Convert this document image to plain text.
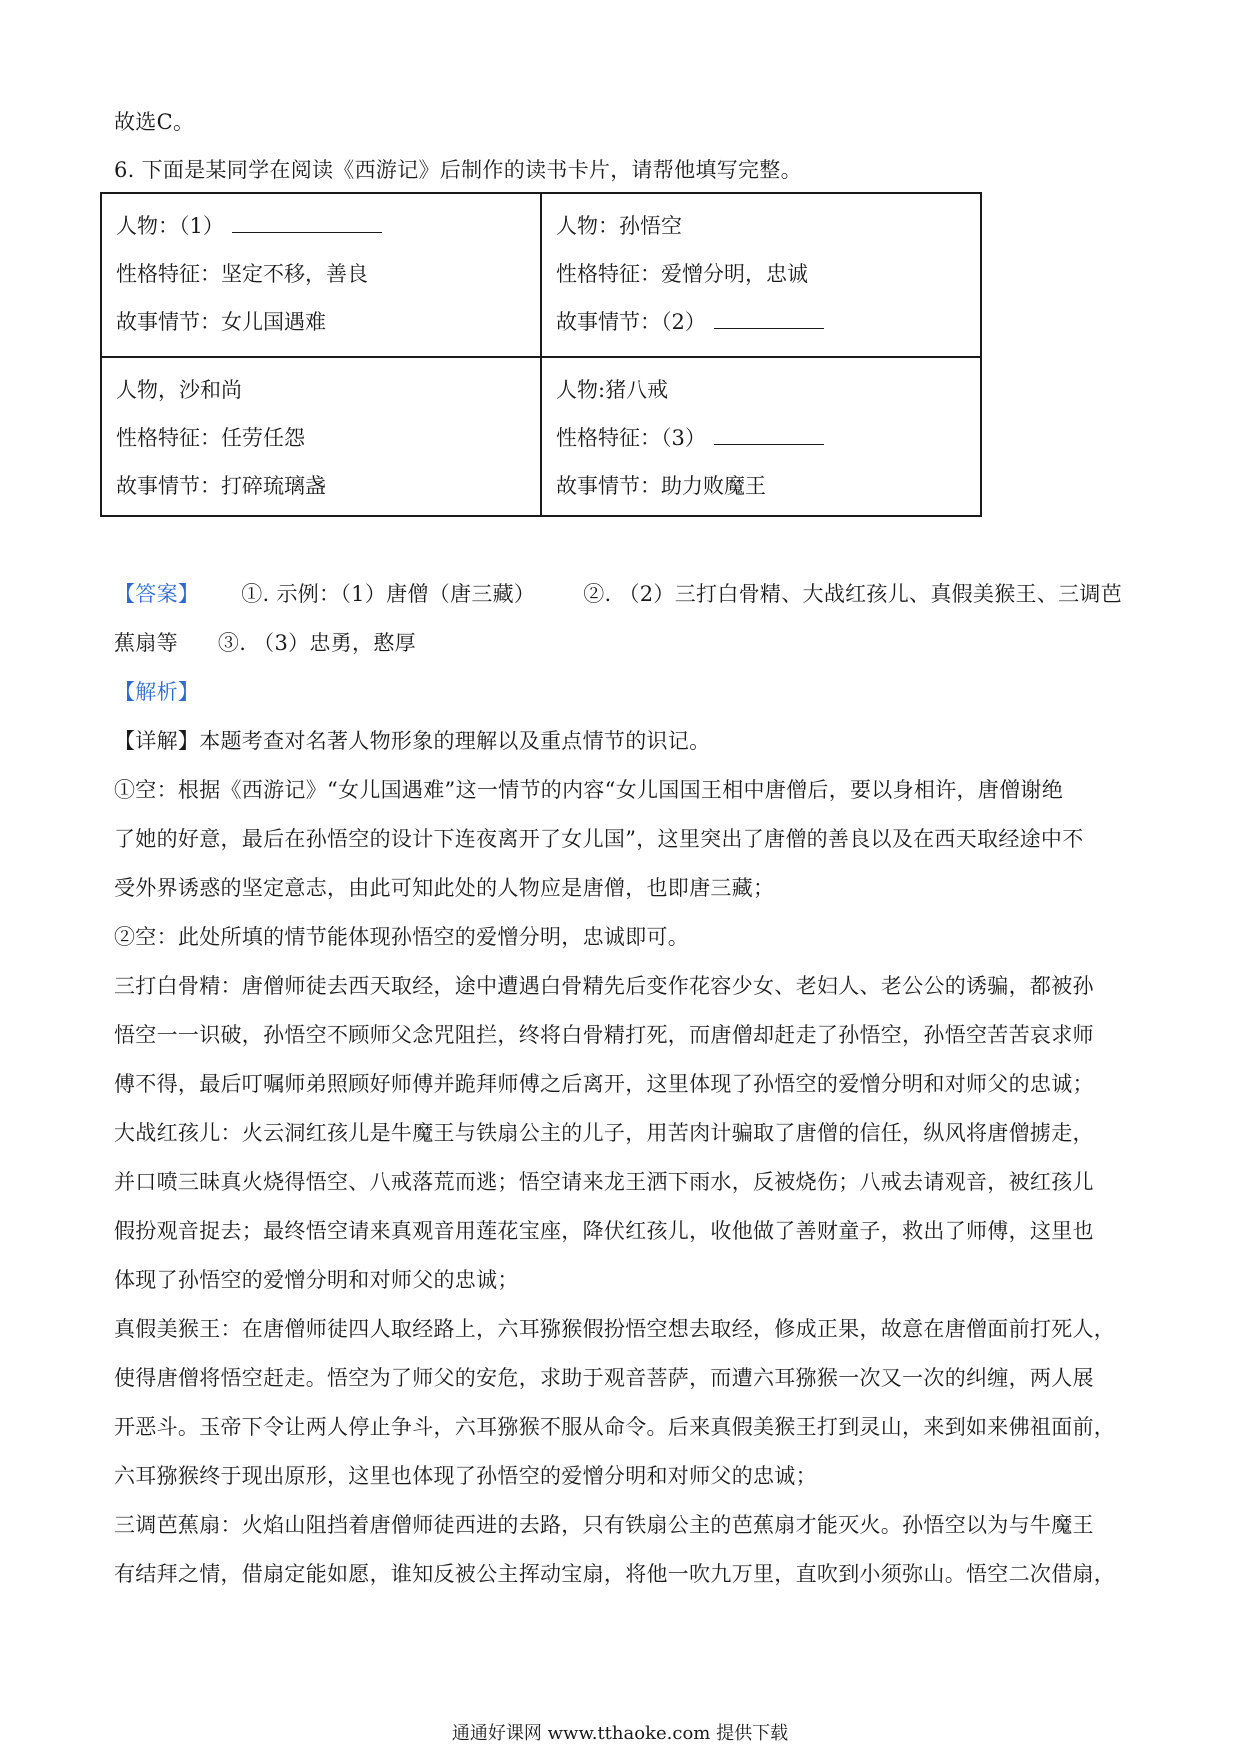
故选C。
6. 下面是某同学在阅读《西游记》后制作的读书卡片，请帮他填写完整。
人物：（1）
性格特征：坚定不移，善良
故事情节：女儿国遇难
人物：孙悟空
性格特征：爱憎分明，忠诚
故事情节：（2）
人物，沙和尚
性格特征：任劳任怨
故事情节：打碎琉璃盏
人物:猪八戒
性格特征：（3）
故事情节：助力败魔王
【答案】 ①. 示例：（1）唐僧（唐三藏） ②. （2）三打白骨精、大战红孩儿、真假美猴王、三调芭
蕉扇等 ③. （3）忠勇，憨厚
【解析】
【详解】本题考查对名著人物形象的理解以及重点情节的识记。
①空：根据《西游记》“女儿国遇难”这一情节的内容“女儿国国王相中唐僧后，要以身相许，唐僧谢绝
了她的好意，最后在孙悟空的设计下连夜离开了女儿国”，这里突出了唐僧的善良以及在西天取经途中不
受外界诱惑的坚定意志，由此可知此处的人物应是唐僧，也即唐三藏；
②空：此处所填的情节能体现孙悟空的爱憎分明，忠诚即可。
三打白骨精：唐僧师徒去西天取经，途中遭遇白骨精先后变作花容少女、老妇人、老公公的诱骗，都被孙
悟空一一识破，孙悟空不顾师父念咒阻拦，终将白骨精打死，而唐僧却赶走了孙悟空，孙悟空苦苦哀求师
傅不得，最后叮嘱师弟照顾好师傅并跪拜师傅之后离开，这里体现了孙悟空的爱憎分明和对师父的忠诚；
大战红孩儿：火云洞红孩儿是牛魔王与铁扇公主的儿子，用苦肉计骗取了唐僧的信任，纵风将唐僧掳走，
并口喷三昧真火烧得悟空、八戒落荒而逃；悟空请来龙王洒下雨水，反被烧伤；八戒去请观音，被红孩儿
假扮观音捉去；最终悟空请来真观音用莲花宝座，降伏红孩儿，收他做了善财童子，救出了师傅，这里也
体现了孙悟空的爱憎分明和对师父的忠诚；
真假美猴王：在唐僧师徒四人取经路上，六耳猕猴假扮悟空想去取经，修成正果，故意在唐僧面前打死人，
使得唐僧将悟空赶走。悟空为了师父的安危，求助于观音菩萨，而遭六耳猕猴一次又一次的纠缠，两人展
开恶斗。玉帝下令让两人停止争斗，六耳猕猴不服从命令。后来真假美猴王打到灵山，来到如来佛祖面前，
六耳猕猴终于现出原形，这里也体现了孙悟空的爱憎分明和对师父的忠诚；
三调芭蕉扇：火焰山阻挡着唐僧师徒西进的去路，只有铁扇公主的芭蕉扇才能灭火。孙悟空以为与牛魔王
有结拜之情，借扇定能如愿，谁知反被公主挥动宝扇，将他一吹九万里，直吹到小须弥山。悟空二次借扇，
通通好课网 www.tthaoke.com 提供下载
